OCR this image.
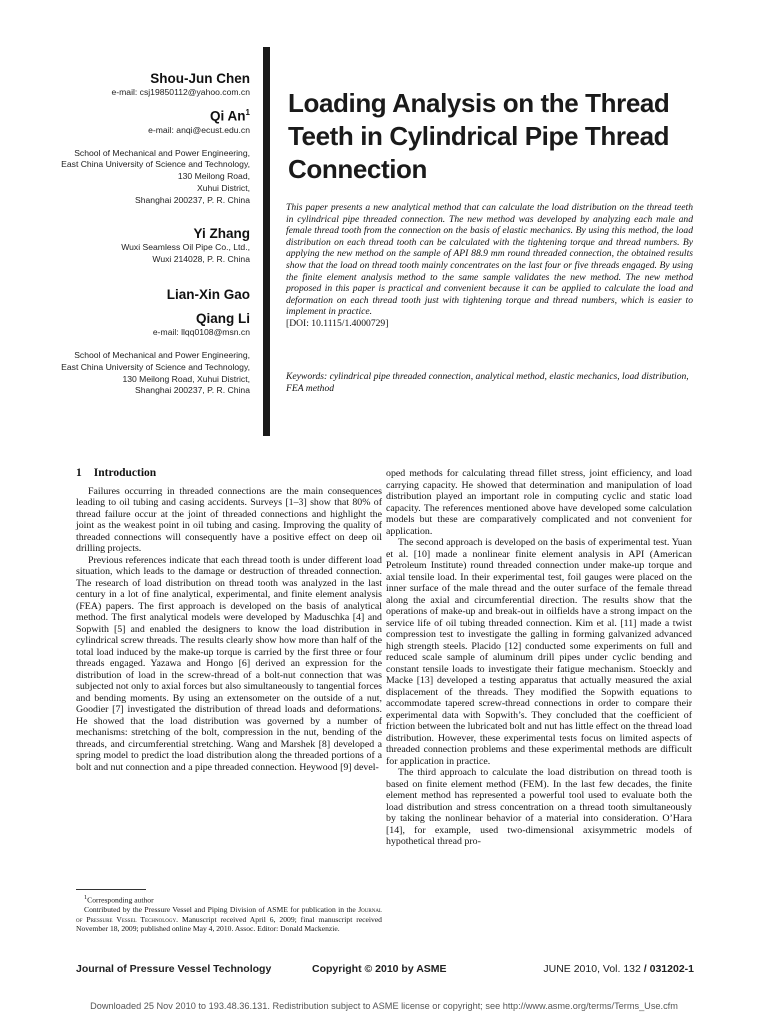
Shou-Jun Chen
e-mail: csj19850112@yahoo.com.cn
Qi An$^1$
e-mail: anqi@ecust.edu.cn
School of Mechanical and Power Engineering,
East China University of Science and Technology,
130 Meilong Road,
Xuhui District,
Shanghai 200237, P. R. China
Yi Zhang
Wuxi Seamless Oil Pipe Co., Ltd.,
Wuxi 214028, P. R. China
Lian-Xin Gao
Qiang Li
e-mail: llqq0108@msn.cn
School of Mechanical and Power Engineering,
East China University of Science and Technology,
130 Meilong Road, Xuhui District,
Shanghai 200237, P. R. China
Loading Analysis on the Thread
Teeth in Cylindrical Pipe Thread
Connection
This paper presents a new analytical method that can calculate the load distribution on the thread teeth in cylindrical pipe threaded connection. The new method was developed by analyzing each male and female thread tooth from the connection on the basis of elastic mechanics. By using this method, the load distribution on each thread tooth can be calculated with the tightening torque and thread numbers. By applying the new method on the sample of API 88.9 mm round threaded connection, the obtained results show that the load on thread tooth mainly concentrates on the last four or five threads engaged. By using the finite element analysis method to the same sample validates the new method. The new method proposed in this paper is practical and convenient because it can be applied to calculate the load and deformation on each thread tooth just with tightening torque and thread numbers, which is easier to implement in practice.
[DOI: 10.1115/1.4000729]
Keywords: cylindrical pipe threaded connection, analytical method, elastic mechanics, load distribution, FEA method
1 Introduction

Failures occurring in threaded connections are the main consequences leading to oil tubing and casing accidents. Surveys [1–3] show that 80% of thread failure occur at the joint of threaded connections and highlight the joint as the weakest point in oil tubing and casing. Improving the quality of threaded connections will consequently have a positive effect on deep oil drilling projects.

Previous references indicate that each thread tooth is under different load situation, which leads to the damage or destruction of threaded connection. The research of load distribution on thread tooth was analyzed in the last century in a lot of fine analytical, experimental, and finite element analysis (FEA) papers. The first approach is developed on the basis of analytical method. The first analytical models were developed by Maduschka [4] and Sopwith [5] and enabled the designers to know the load distribution in cylindrical screw threads. The results clearly show how more than half of the total load induced by the make-up torque is carried by the first three or four threads engaged. Yazawa and Hongo [6] derived an expression for the distribution of load in the screw-thread of a bolt-nut connection that was subjected not only to axial forces but also simultaneously to tangential forces and bending moments. By using an extensometer on the outside of a nut, Goodier [7] investigated the distribution of thread loads and deformations. He showed that the load distribution was governed by a number of mechanisms: stretching of the bolt, compression in the nut, bending of the threads, and circumferential stretching. Wang and Marshek [8] developed a spring model to predict the load distribution along the threaded portions of a bolt and nut connection and a pipe threaded connection. Heywood [9] devel-

oped methods for calculating thread fillet stress, joint efficiency, and load carrying capacity. He showed that determination and manipulation of load distribution played an important role in computing cyclic and static load capacity. The references mentioned above have developed some calculation models but these are comparatively complicated and not convenient for application.

The second approach is developed on the basis of experimental test. Yuan et al. [10] made a nonlinear finite element analysis in API (American Petroleum Institute) round threaded connection under make-up torque and axial tensile load. In their experimental test, foil gauges were placed on the inner surface of the male thread and the outer surface of the female thread along the axial and circumferential direction. The results show that the operations of make-up and break-out in oilfields have a strong impact on the service life of oil tubing threaded connection. Kim et al. [11] made a twist compression test to investigate the galling in forming galvanized advanced high strength steels. Placido [12] conducted some experiments on full and reduced scale sample of aluminum drill pipes under cyclic bending and constant tensile loads to investigate their fatigue mechanism. Stoeckly and Macke [13] developed a testing apparatus that actually measured the axial displacement of the threads. They modified the Sopwith equations to accommodate tapered screw-thread connections in order to compare their experimental data with Sopwith’s. They concluded that the coefficient of friction between the lubricated bolt and nut has little effect on the thread load distribution. However, these experimental tests focus on limited aspects of threaded connection problems and these experimental methods are difficult for application in practice.

The third approach to calculate the load distribution on thread tooth is based on finite element method (FEM). In the last few decades, the finite element method has represented a powerful tool used to evaluate both the load distribution and stress concentration on a thread tooth simultaneously by taking the nonlinear behavior of a material into consideration. O’Hara [14], for example, used two-dimensional axisymmetric models of hypothetical thread pro-

$^1$Corresponding author

Contributed by the Pressure Vessel and Piping Division of ASME for publication in the Journal of Pressure Vessel Technology. Manuscript received April 6, 2009; final manuscript received November 18, 2009; published online May 4, 2010. Assoc. Editor: Donald Mackenzie.

Journal of Pressure Vessel Technology	Copyright © 2010 by ASME	JUNE 2010, Vol. 132 / 031202-1
Downloaded 25 Nov 2010 to 193.48.36.131. Redistribution subject to ASME license or copyright; see http://www.asme.org/terms/Terms_Use.cfm
